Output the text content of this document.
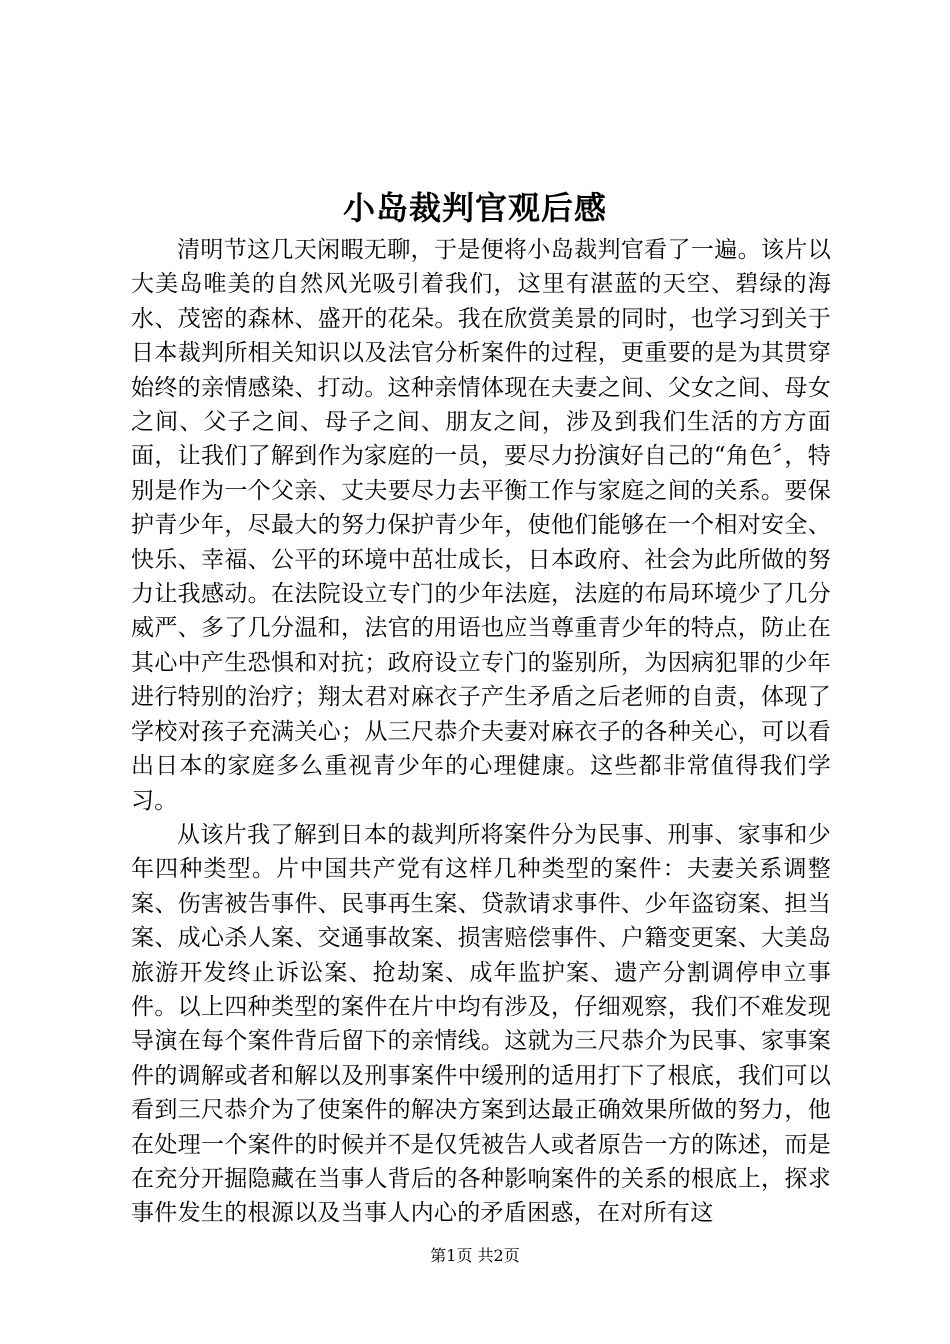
小岛裁判官观后感

清明节这几天闲暇无聊，于是便将小岛裁判官看了一遍。该片以大美岛唯美的自然风光吸引着我们，这里有湛蓝的天空、碧绿的海水、茂密的森林、盛开的花朵。我在欣赏美景的同时，也学习到关于日本裁判所相关知识以及法官分析案件的过程，更重要的是为其贯穿始终的亲情感染、打动。这种亲情体现在夫妻之间、父女之间、母女之间、父子之间、母子之间、朋友之间，涉及到我们生活的方方面面，让我们了解到作为家庭的一员，要尽力扮演好自己的“角色〞，特别是作为一个父亲、丈夫要尽力去平衡工作与家庭之间的关系。要保护青少年，尽最大的努力保护青少年，使他们能够在一个相对安全、快乐、幸福、公平的环境中茁壮成长，日本政府、社会为此所做的努力让我感动。在法院设立专门的少年法庭，法庭的布局环境少了几分威严、多了几分温和，法官的用语也应当尊重青少年的特点，防止在其心中产生恐惧和对抗；政府设立专门的鉴别所，为因病犯罪的少年进行特别的治疗；翔太君对麻衣子产生矛盾之后老师的自责，体现了学校对孩子充满关心；从三尺恭介夫妻对麻衣子的各种关心，可以看出日本的家庭多么重视青少年的心理健康。这些都非常值得我们学习。

从该片我了解到日本的裁判所将案件分为民事、刑事、家事和少年四种类型。片中国共产党有这样几种类型的案件：夫妻关系调整案、伤害被告事件、民事再生案、贷款请求事件、少年盗窃案、担当案、成心杀人案、交通事故案、损害赔偿事件、户籍变更案、大美岛旅游开发终止诉讼案、抢劫案、成年监护案、遗产分割调停申立事件。以上四种类型的案件在片中均有涉及，仔细观察，我们不难发现导演在每个案件背后留下的亲情线。这就为三尺恭介为民事、家事案件的调解或者和解以及刑事案件中缓刑的适用打下了根底，我们可以看到三尺恭介为了使案件的解决方案到达最正确效果所做的努力，他在处理一个案件的时候并不是仅凭被告人或者原告一方的陈述，而是在充分开掘隐藏在当事人背后的各种影响案件的关系的根底上，探求事件发生的根源以及当事人内心的矛盾困惑，在对所有这

第1页 共2页
